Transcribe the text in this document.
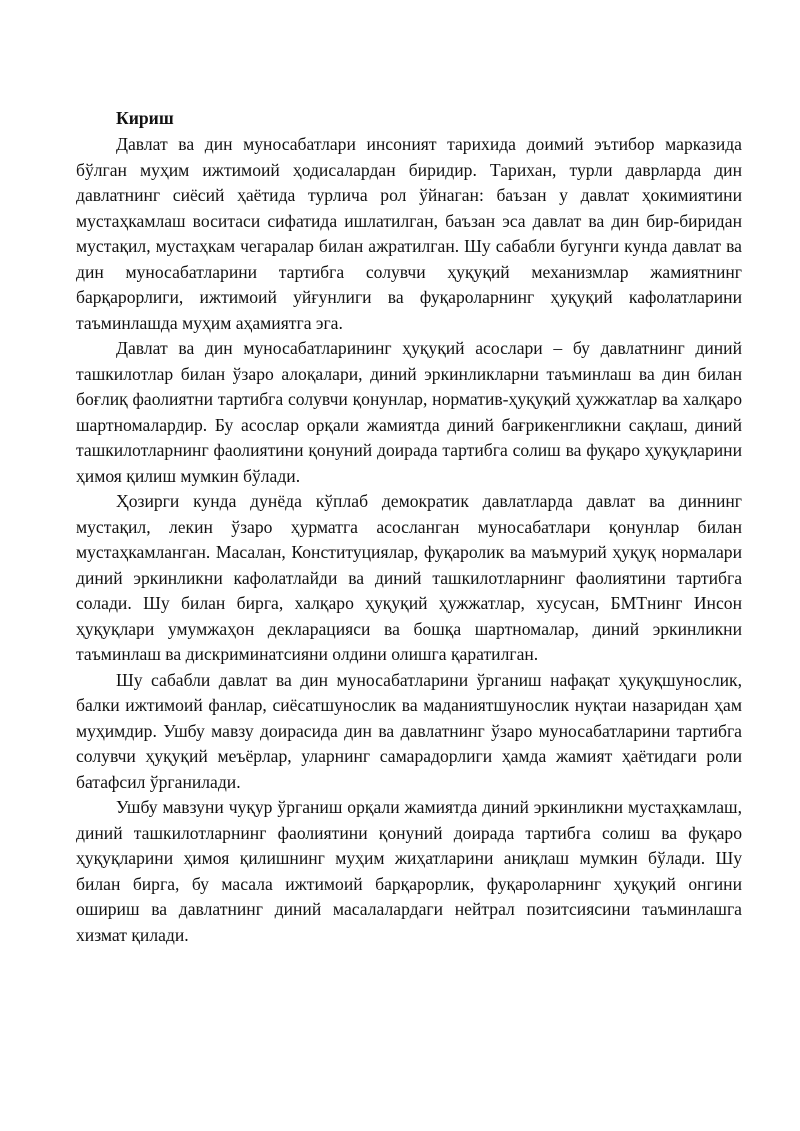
Кириш

Давлат ва дин муносабатлари инсоният тарихида доимий эътибор марказида бўлган муҳим ижтимоий ҳодисалардан биридир. Тарихан, турли даврларда дин давлатнинг сиёсий ҳаётида турлича рол ўйнаган: баъзан у давлат ҳокимиятини мустаҳкамлаш воситаси сифатида ишлатилган, баъзан эса давлат ва дин бир-биридан мустақил, мустаҳкам чегаралар билан ажратилган. Шу сабабли бугунги кунда давлат ва дин муносабатларини тартибга солувчи ҳуқуқий механизмлар жамиятнинг барқарорлиги, ижтимоий уйғунлиги ва фуқароларнинг ҳуқуқий кафолатларини таъминлашда муҳим аҳамиятга эга.

Давлат ва дин муносабатларининг ҳуқуқий асослари – бу давлатнинг диний ташкилотлар билан ўзаро алоқалари, диний эркинликларни таъминлаш ва дин билан боғлиқ фаолиятни тартибга солувчи қонунлар, норматив-ҳуқуқий ҳужжатлар ва халқаро шартномалардир. Бу асослар орқали жамиятда диний бағрикенгликни сақлаш, диний ташкилотларнинг фаолиятини қонуний доирада тартибга солиш ва фуқаро ҳуқуқларини ҳимоя қилиш мумкин бўлади.

Ҳозирги кунда дунёда кўплаб демократик давлатларда давлат ва диннинг мустақил, лекин ўзаро ҳурматга асосланган муносабатлари қонунлар билан мустаҳкамланган. Масалан, Конституциялар, фуқаролик ва маъмурий ҳуқуқ нормалари диний эркинликни кафолатлайди ва диний ташкилотларнинг фаолиятини тартибга солади. Шу билан бирга, халқаро ҳуқуқий ҳужжатлар, хусусан, БМТнинг Инсон ҳуқуқлари умумжаҳон декларацияси ва бошқа шартномалар, диний эркинликни таъминлаш ва дискриминатсияни олдини олишга қаратилган.

Шу сабабли давлат ва дин муносабатларини ўрганиш нафақат ҳуқуқшунослик, балки ижтимоий фанлар, сиёсатшунослик ва маданиятшунослик нуқтаи назаридан ҳам муҳимдир. Ушбу мавзу доирасида дин ва давлатнинг ўзаро муносабатларини тартибга солувчи ҳуқуқий меъёрлар, уларнинг самарадорлиги ҳамда жамият ҳаётидаги роли батафсил ўрганилади.

Ушбу мавзуни чуқур ўрганиш орқали жамиятда диний эркинликни мустаҳкамлаш, диний ташкилотларнинг фаолиятини қонуний доирада тартибга солиш ва фуқаро ҳуқуқларини ҳимоя қилишнинг муҳим жиҳатларини аниқлаш мумкин бўлади. Шу билан бирга, бу масала ижтимоий барқарорлик, фуқароларнинг ҳуқуқий онгини ошириш ва давлатнинг диний масалалардаги нейтрал позитсиясини таъминлашга хизмат қилади.
